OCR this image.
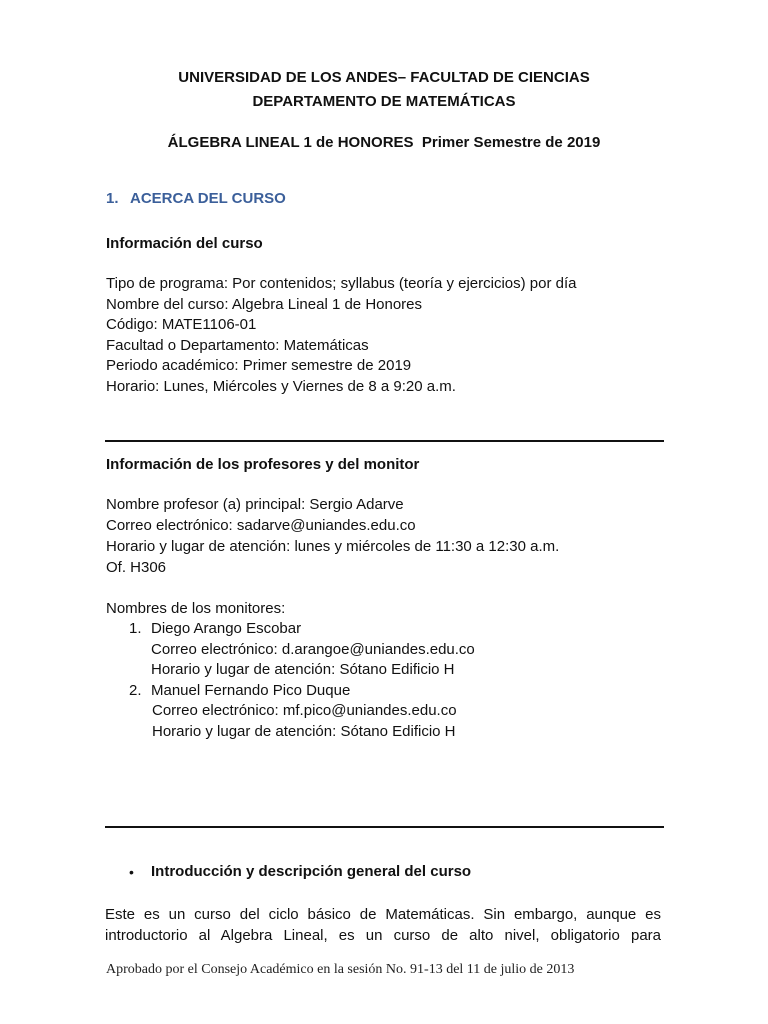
UNIVERSIDAD DE LOS ANDES– FACULTAD DE CIENCIAS
DEPARTAMENTO DE MATEMÁTICAS
ÁLGEBRA LINEAL 1 de HONORES  Primer Semestre de 2019
1. ACERCA DEL CURSO
Información del curso
Tipo de programa: Por contenidos; syllabus (teoría y ejercicios) por día
Nombre del curso: Algebra Lineal 1 de Honores
Código: MATE1106-01
Facultad o Departamento: Matemáticas
Periodo académico: Primer semestre de 2019
Horario: Lunes, Miércoles y Viernes de 8 a 9:20 a.m.
Información de los profesores y del monitor
Nombre profesor (a) principal: Sergio Adarve
Correo electrónico: sadarve@uniandes.edu.co
Horario y lugar de atención: lunes y miércoles de 11:30 a 12:30 a.m.
Of. H306
Nombres de los monitores:
1. Diego Arango Escobar
Correo electrónico: d.arangoe@uniandes.edu.co
Horario y lugar de atención: Sótano Edificio H
2. Manuel Fernando Pico Duque
Correo electrónico: mf.pico@uniandes.edu.co
Horario y lugar de atención: Sótano Edificio H
• Introducción y descripción general del curso
Este es un curso del ciclo básico de Matemáticas. Sin embargo, aunque es
introductorio al Algebra Lineal, es un curso de alto nivel, obligatorio para
Aprobado por el Consejo Académico en la sesión No. 91-13 del 11 de julio de 2013
